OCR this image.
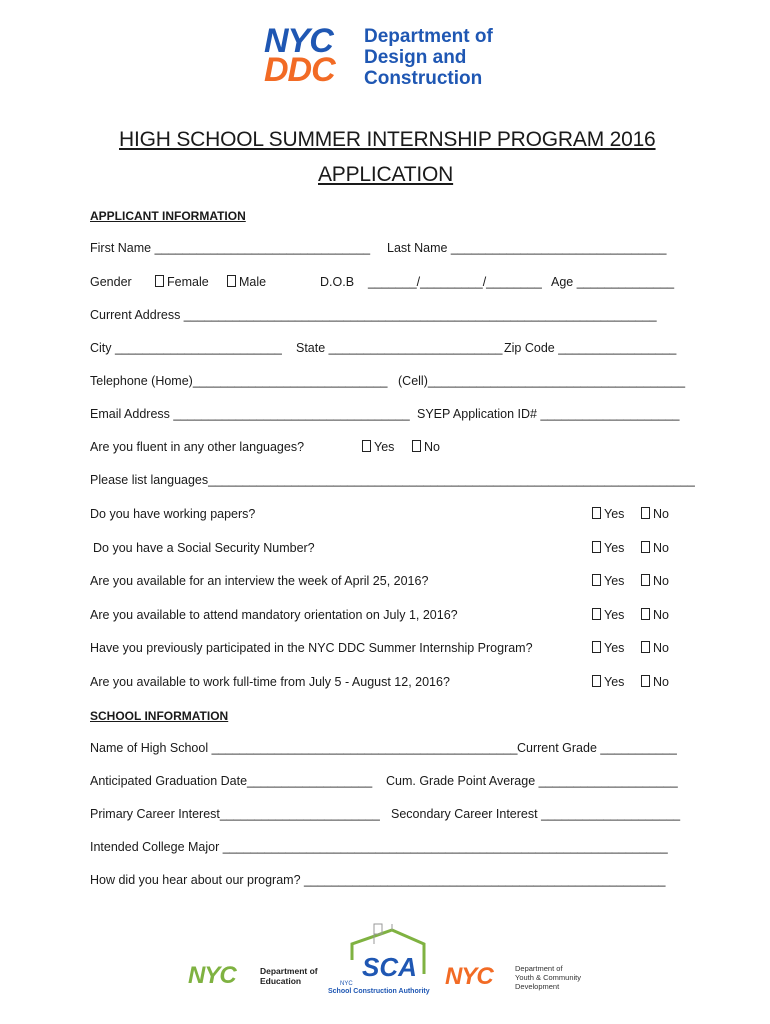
NYC
DDC
Department of
Design and
Construction
HIGH SCHOOL SUMMER INTERNSHIP PROGRAM 2016
APPLICATION
APPLICANT INFORMATION
First Name _______________________________ Last Name _______________________________
Gender	Female	Male	D.O.B _______/_________/________ Age ______________
Current Address ____________________________________________________________________
City ________________________ State _________________________ Zip Code _________________
Telephone (Home)____________________________ (Cell)_____________________________________
Email Address __________________________________ SYEP Application ID# ____________________
Are you fluent in any other languages?	Yes	No
Please list languages______________________________________________________________________
Do you have working papers?	Yes	No
Do you have a Social Security Number?	Yes	No
Are you available for an interview the week of April 25, 2016?	Yes	No
Are you available to attend mandatory orientation on July 1, 2016?	Yes	No
Have you previously participated in the NYC DDC Summer Internship Program?	Yes	No
Are you available to work full-time from July 5 - August 12, 2016?	Yes	No
SCHOOL INFORMATION
Name of High School ____________________________________________ Current Grade ___________
Anticipated Graduation Date__________________ Cum. Grade Point Average ____________________
Primary Career Interest_______________________ Secondary Career Interest ____________________
Intended College Major ________________________________________________________________
How did you hear about our program? ____________________________________________________
NYC	Department of
Education SCA
NYC
School Construction Authority
NYC	Department of
Youth & Community
Development
